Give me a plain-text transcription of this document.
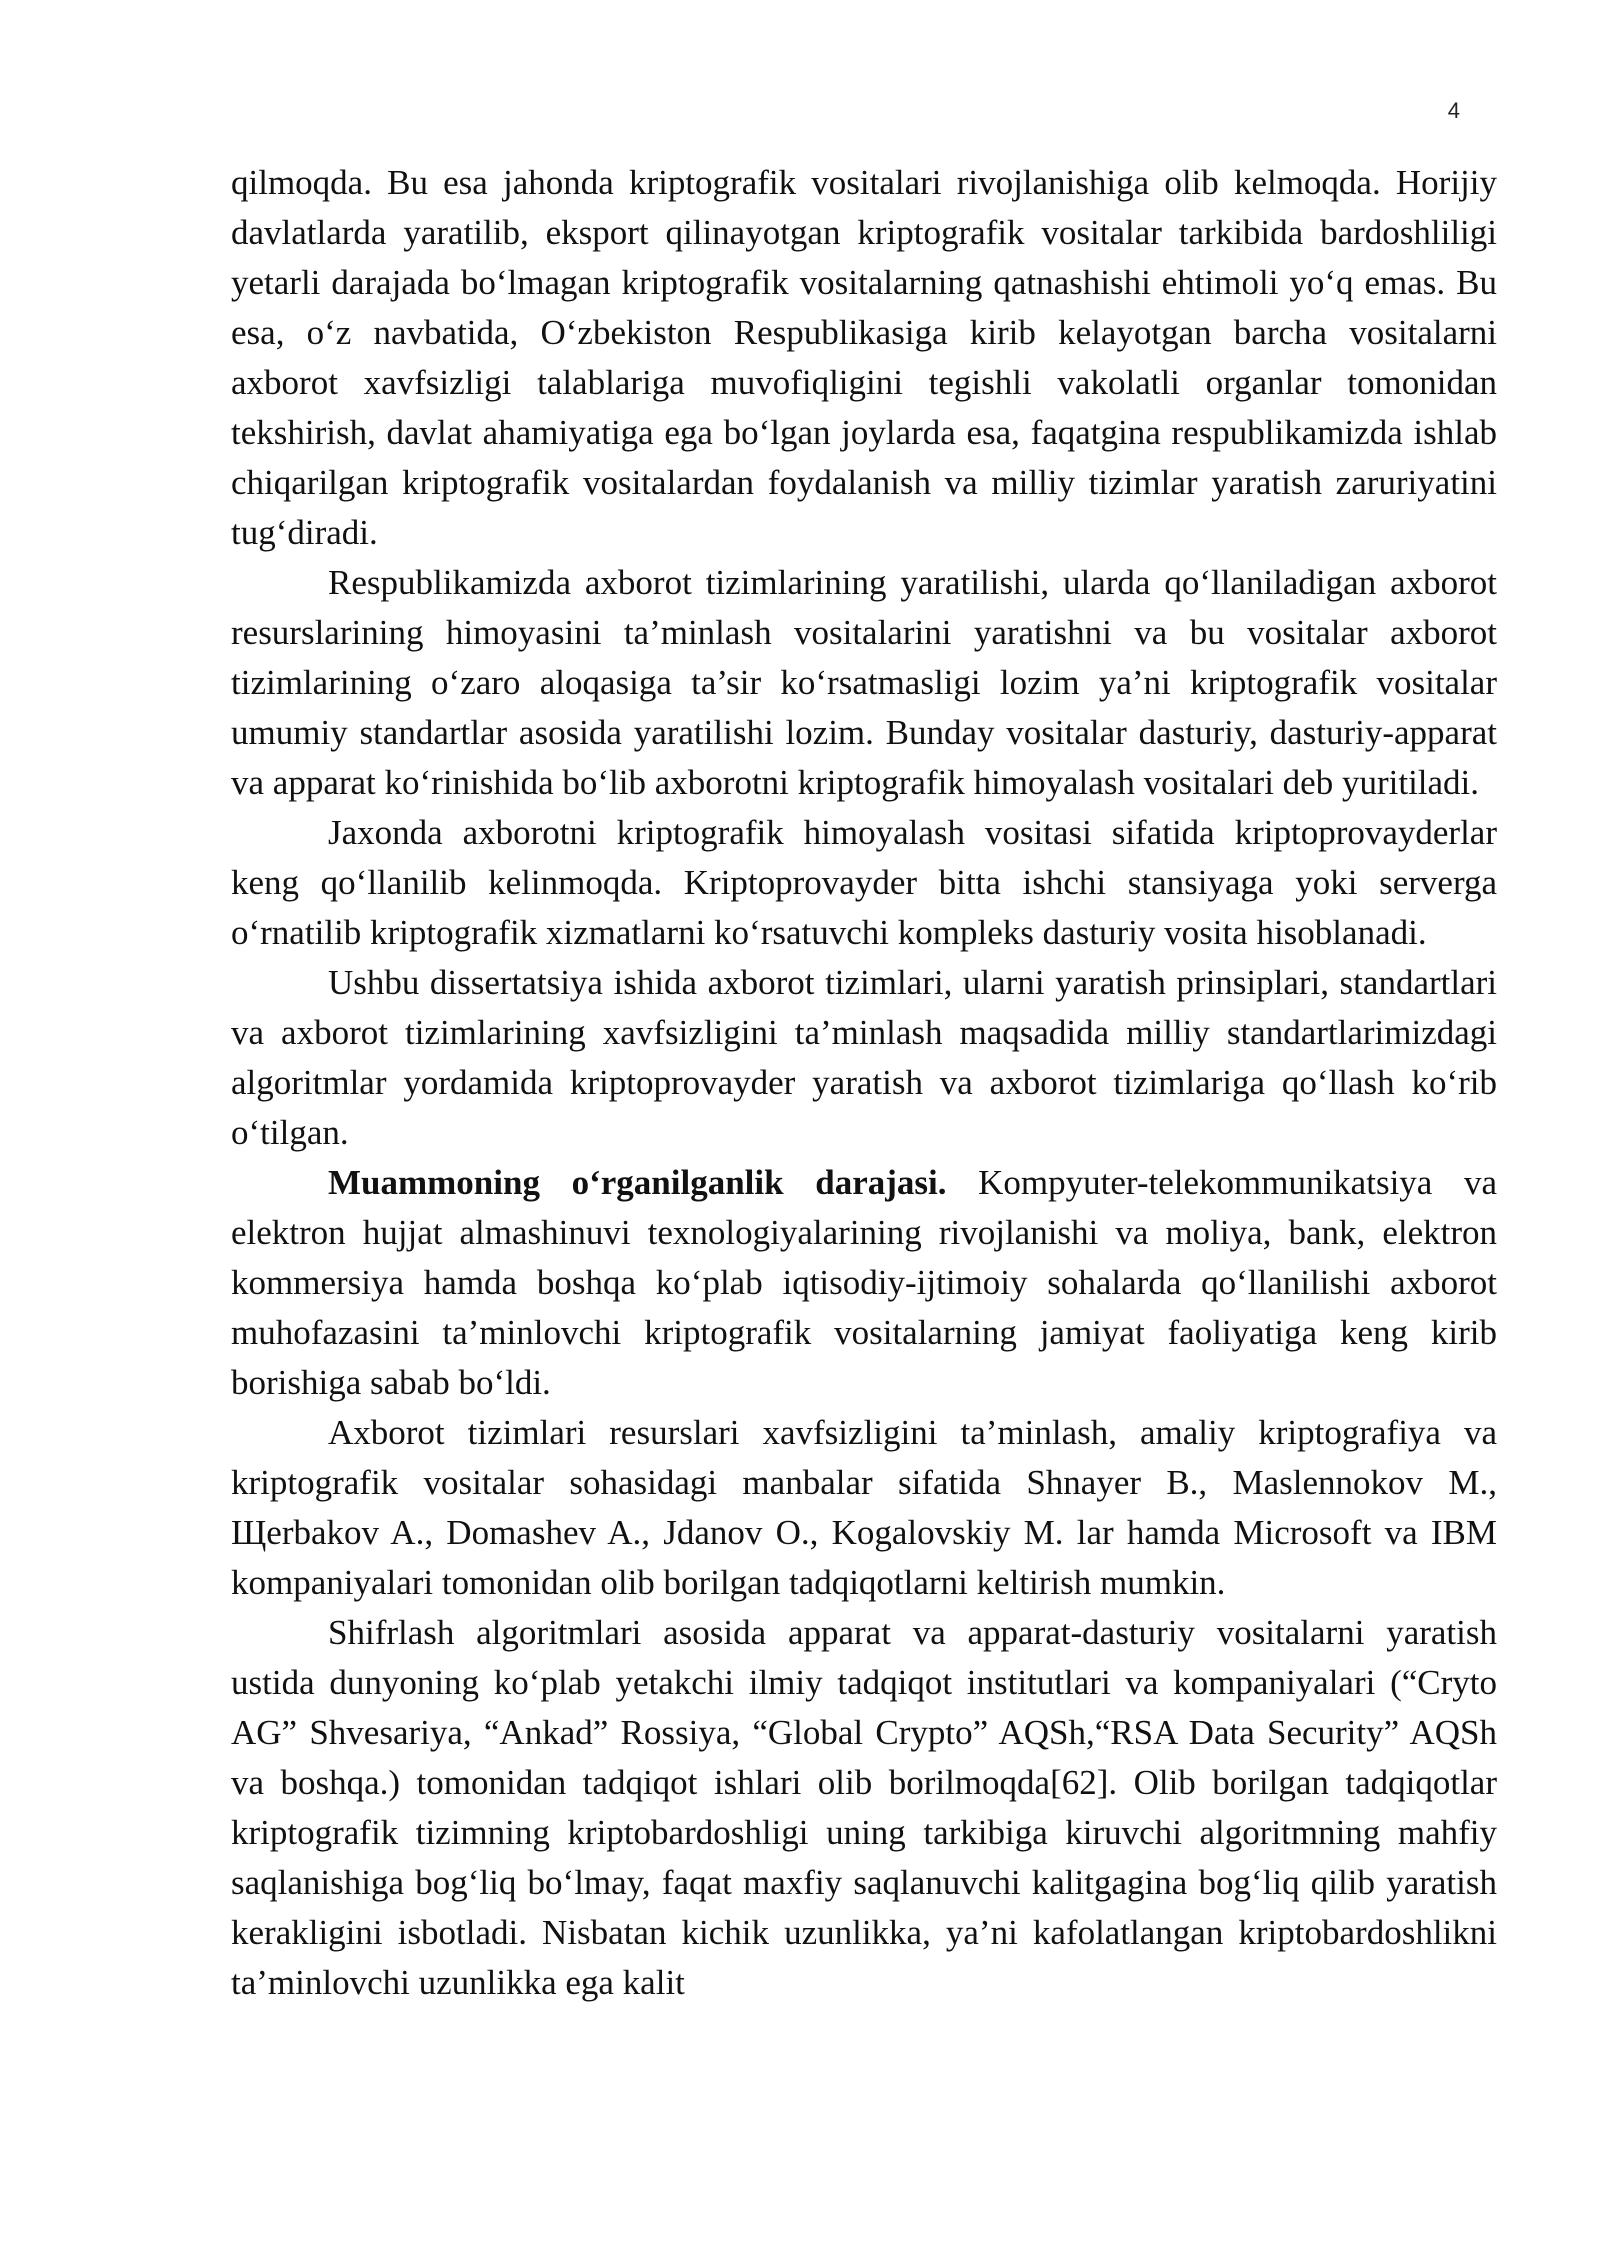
4

qilmoqda. Bu esa jahonda kriptografik vositalari rivojlanishiga olib kelmoqda. Horijiy davlatlarda yaratilib, eksport qilinayotgan kriptografik vositalar tarkibida bardoshliligi yetarli darajada bo‘lmagan kriptografik vositalarning qatnashishi ehtimoli yo‘q emas. Bu esa, o‘z navbatida, O‘zbekiston Respublikasiga kirib kelayotgan barcha vositalarni axborot xavfsizligi talablariga muvofiqligini tegishli vakolatli organlar tomonidan tekshirish, davlat ahamiyatiga ega bo‘lgan joylarda esa, faqatgina respublikamizda ishlab chiqarilgan kriptografik vositalardan foydalanish va milliy tizimlar yaratish zaruriyatini tug‘diradi.

Respublikamizda axborot tizimlarining yaratilishi, ularda qo‘llaniladigan axborot resurslarining himoyasini ta’minlash vositalarini yaratishni va bu vositalar axborot tizimlarining o‘zaro aloqasiga ta’sir ko‘rsatmasligi lozim ya’ni kriptografik vositalar umumiy standartlar asosida yaratilishi lozim. Bunday vositalar dasturiy, dasturiy-apparat va apparat ko‘rinishida bo‘lib axborotni kriptografik himoyalash vositalari deb yuritiladi.

Jaxonda axborotni kriptografik himoyalash vositasi sifatida kriptoprovayderlar keng qo‘llanilib kelinmoqda. Kriptoprovayder bitta ishchi stansiyaga yoki serverga o‘rnatilib kriptografik xizmatlarni ko‘rsatuvchi kompleks dasturiy vosita hisoblanadi.

Ushbu dissertatsiya ishida axborot tizimlari, ularni yaratish prinsiplari, standartlari va axborot tizimlarining xavfsizligini ta’minlash maqsadida milliy standartlarimizdagi algoritmlar yordamida kriptoprovayder yaratish va axborot tizimlariga qo‘llash ko‘rib o‘tilgan.

Muammoning o‘rganilganlik darajasi. Kompyuter-telekommunikatsiya va elektron hujjat almashinuvi texnologiyalarining rivojlanishi va moliya, bank, elektron kommersiya hamda boshqa ko‘plab iqtisodiy-ijtimoiy sohalarda qo‘llanilishi axborot muhofazasini ta’minlovchi kriptografik vositalarning jamiyat faoliyatiga keng kirib borishiga sabab bo‘ldi.

Axborot tizimlari resurslari xavfsizligini ta’minlash, amaliy kriptografiya va kriptografik vositalar sohasidagi manbalar sifatida Shnayer B., Maslennokov M., Щerbakov A., Domashev A., Jdanov O., Kogalovskiy M. lar hamda Microsoft va IBM kompaniyalari tomonidan olib borilgan tadqiqotlarni keltirish mumkin.

Shifrlash algoritmlari asosida apparat va apparat-dasturiy vositalarni yaratish ustida dunyoning ko‘plab yetakchi ilmiy tadqiqot institutlari va kompaniyalari (“Cryto AG” Shvesariya, “Ankad” Rossiya, “Global Crypto” AQSh,“RSA Data Security” AQSh va boshqa.) tomonidan tadqiqot ishlari olib borilmoqda[62]. Olib borilgan tadqiqotlar kriptografik tizimning kriptobardoshligi uning tarkibiga kiruvchi algoritmning mahfiy saqlanishiga bog‘liq bo‘lmay, faqat maxfiy saqlanuvchi kalitgagina bog‘liq qilib yaratish kerakligini isbotladi. Nisbatan kichik uzunlikka, ya’ni kafolatlangan kriptobardoshlikni ta’minlovchi uzunlikka ega kalit
